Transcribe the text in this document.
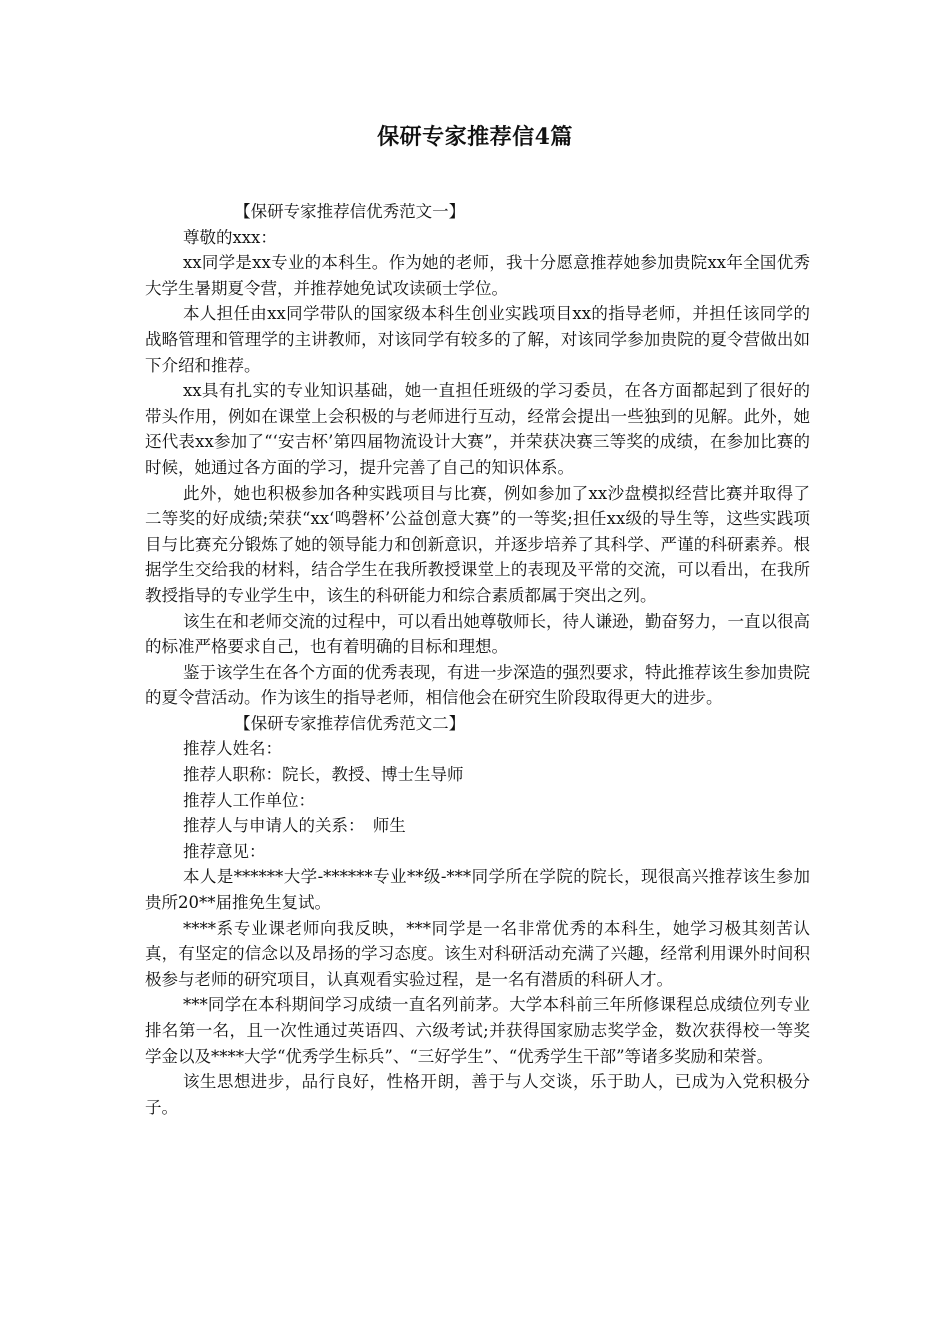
保研专家推荐信4篇

【保研专家推荐信优秀范文一】

尊敬的xxx：

xx同学是xx专业的本科生。作为她的老师，我十分愿意推荐她参加贵院xx年全国优秀大学生暑期夏令营，并推荐她免试攻读硕士学位。

本人担任由xx同学带队的国家级本科生创业实践项目xx的指导老师，并担任该同学的战略管理和管理学的主讲教师，对该同学有较多的了解，对该同学参加贵院的夏令营做出如下介绍和推荐。

xx具有扎实的专业知识基础，她一直担任班级的学习委员，在各方面都起到了很好的带头作用，例如在课堂上会积极的与老师进行互动，经常会提出一些独到的见解。此外，她还代表xx参加了“‘安吉杯’第四届物流设计大赛”，并荣获决赛三等奖的成绩，在参加比赛的时候，她通过各方面的学习，提升完善了自己的知识体系。

此外，她也积极参加各种实践项目与比赛，例如参加了xx沙盘模拟经营比赛并取得了二等奖的好成绩;荣获“xx‘鸣磬杯’公益创意大赛”的一等奖;担任xx级的导生等，这些实践项目与比赛充分锻炼了她的领导能力和创新意识，并逐步培养了其科学、严谨的科研素养。根据学生交给我的材料，结合学生在我所教授课堂上的表现及平常的交流，可以看出，在我所教授指导的专业学生中，该生的科研能力和综合素质都属于突出之列。

该生在和老师交流的过程中，可以看出她尊敬师长，待人谦逊，勤奋努力，一直以很高的标准严格要求自己，也有着明确的目标和理想。

鉴于该学生在各个方面的优秀表现，有进一步深造的强烈要求，特此推荐该生参加贵院的夏令营活动。作为该生的指导老师，相信他会在研究生阶段取得更大的进步。

【保研专家推荐信优秀范文二】

推荐人姓名：

推荐人职称：院长，教授、博士生导师

推荐人工作单位：

推荐人与申请人的关系：　师生

推荐意见：

本人是******大学-******专业**级-***同学所在学院的院长，现很高兴推荐该生参加贵所20**届推免生复试。

****系专业课老师向我反映，***同学是一名非常优秀的本科生，她学习极其刻苦认真，有坚定的信念以及昂扬的学习态度。该生对科研活动充满了兴趣，经常利用课外时间积极参与老师的研究项目，认真观看实验过程，是一名有潜质的科研人才。

***同学在本科期间学习成绩一直名列前茅。大学本科前三年所修课程总成绩位列专业排名第一名，且一次性通过英语四、六级考试;并获得国家励志奖学金，数次获得校一等奖学金以及****大学“优秀学生标兵”、“三好学生”、“优秀学生干部”等诸多奖励和荣誉。

该生思想进步，品行良好，性格开朗，善于与人交谈，乐于助人，已成为入党积极分子。
